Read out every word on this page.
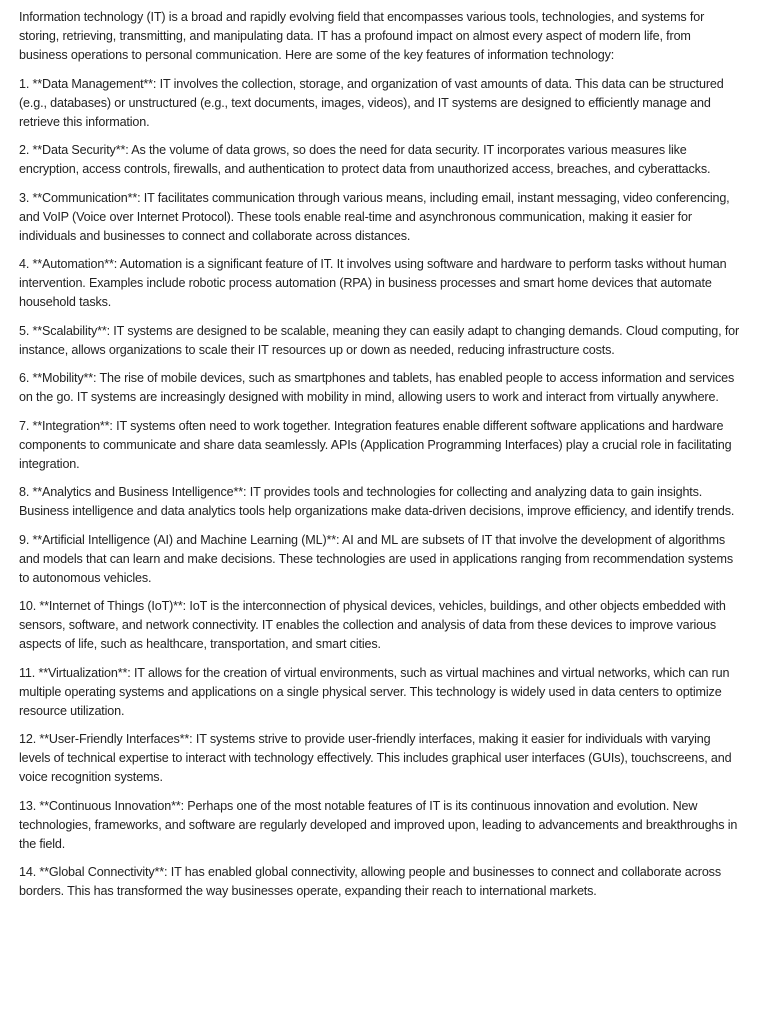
Information technology (IT) is a broad and rapidly evolving field that encompasses various tools, technologies, and systems for storing, retrieving, transmitting, and manipulating data. IT has a profound impact on almost every aspect of modern life, from business operations to personal communication. Here are some of the key features of information technology:

1. **Data Management**: IT involves the collection, storage, and organization of vast amounts of data. This data can be structured (e.g., databases) or unstructured (e.g., text documents, images, videos), and IT systems are designed to efficiently manage and retrieve this information.

2. **Data Security**: As the volume of data grows, so does the need for data security. IT incorporates various measures like encryption, access controls, firewalls, and authentication to protect data from unauthorized access, breaches, and cyberattacks.

3. **Communication**: IT facilitates communication through various means, including email, instant messaging, video conferencing, and VoIP (Voice over Internet Protocol). These tools enable real-time and asynchronous communication, making it easier for individuals and businesses to connect and collaborate across distances.

4. **Automation**: Automation is a significant feature of IT. It involves using software and hardware to perform tasks without human intervention. Examples include robotic process automation (RPA) in business processes and smart home devices that automate household tasks.

5. **Scalability**: IT systems are designed to be scalable, meaning they can easily adapt to changing demands. Cloud computing, for instance, allows organizations to scale their IT resources up or down as needed, reducing infrastructure costs.

6. **Mobility**: The rise of mobile devices, such as smartphones and tablets, has enabled people to access information and services on the go. IT systems are increasingly designed with mobility in mind, allowing users to work and interact from virtually anywhere.

7. **Integration**: IT systems often need to work together. Integration features enable different software applications and hardware components to communicate and share data seamlessly. APIs (Application Programming Interfaces) play a crucial role in facilitating integration.

8. **Analytics and Business Intelligence**: IT provides tools and technologies for collecting and analyzing data to gain insights. Business intelligence and data analytics tools help organizations make data-driven decisions, improve efficiency, and identify trends.

9. **Artificial Intelligence (AI) and Machine Learning (ML)**: AI and ML are subsets of IT that involve the development of algorithms and models that can learn and make decisions. These technologies are used in applications ranging from recommendation systems to autonomous vehicles.

10. **Internet of Things (IoT)**: IoT is the interconnection of physical devices, vehicles, buildings, and other objects embedded with sensors, software, and network connectivity. IT enables the collection and analysis of data from these devices to improve various aspects of life, such as healthcare, transportation, and smart cities.

11. **Virtualization**: IT allows for the creation of virtual environments, such as virtual machines and virtual networks, which can run multiple operating systems and applications on a single physical server. This technology is widely used in data centers to optimize resource utilization.

12. **User-Friendly Interfaces**: IT systems strive to provide user-friendly interfaces, making it easier for individuals with varying levels of technical expertise to interact with technology effectively. This includes graphical user interfaces (GUIs), touchscreens, and voice recognition systems.

13. **Continuous Innovation**: Perhaps one of the most notable features of IT is its continuous innovation and evolution. New technologies, frameworks, and software are regularly developed and improved upon, leading to advancements and breakthroughs in the field.

14. **Global Connectivity**: IT has enabled global connectivity, allowing people and businesses to connect and collaborate across borders. This has transformed the way businesses operate, expanding their reach to international markets.
